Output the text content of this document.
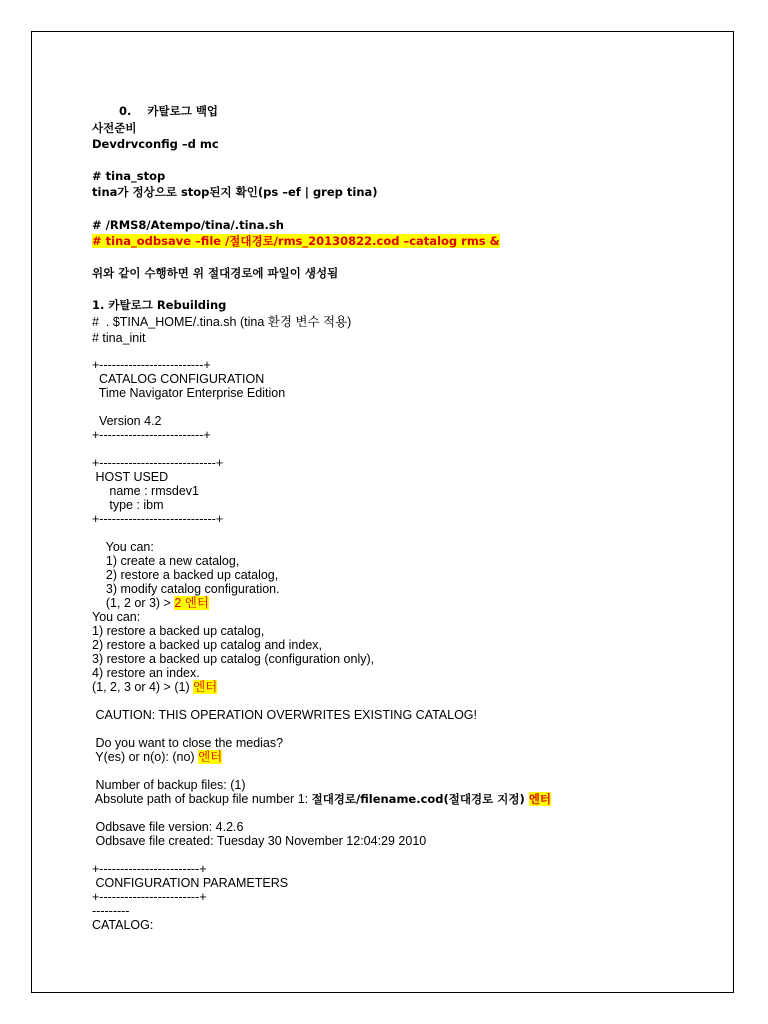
0.    카탈로그 백업
사전준비
Devdrvconfig –d mc
# tina_stop
tina가 정상으로 stop된지 확인(ps –ef | grep tina)
# /RMS8/Atempo/tina/.tina.sh
# tina_odbsave –file /절대경로/rms_20130822.cod –catalog rms &
위와 같이 수행하면 위 절대경로에 파일이 생성됨
1. 카탈로그 Rebuilding
#  . $TINA_HOME/.tina.sh (tina 환경 변수 적용)
# tina_init
+-------------------------+
CATALOG CONFIGURATION
Time Navigator Enterprise Edition
Version 4.2
+-------------------------+
+----------------------------+
HOST USED
name : rmsdev1
type : ibm
+----------------------------+
You can:
1) create a new catalog,
2) restore a backed up catalog,
3) modify catalog configuration.
(1, 2 or 3) > 2 엔터
You can:
1) restore a backed up catalog,
2) restore a backed up catalog and index,
3) restore a backed up catalog (configuration only),
4) restore an index.
(1, 2, 3 or 4) > (1) 엔터
CAUTION: THIS OPERATION OVERWRITES EXISTING CATALOG!
Do you want to close the medias?
Y(es) or n(o): (no) 엔터
Number of backup files: (1)
Absolute path of backup file number 1: 절대경로/filename.cod(절대경로 지정) 엔터
Odbsave file version: 4.2.6
Odbsave file created: Tuesday 30 November 12:04:29 2010
+------------------------+
CONFIGURATION PARAMETERS
+------------------------+
---------
CATALOG:
